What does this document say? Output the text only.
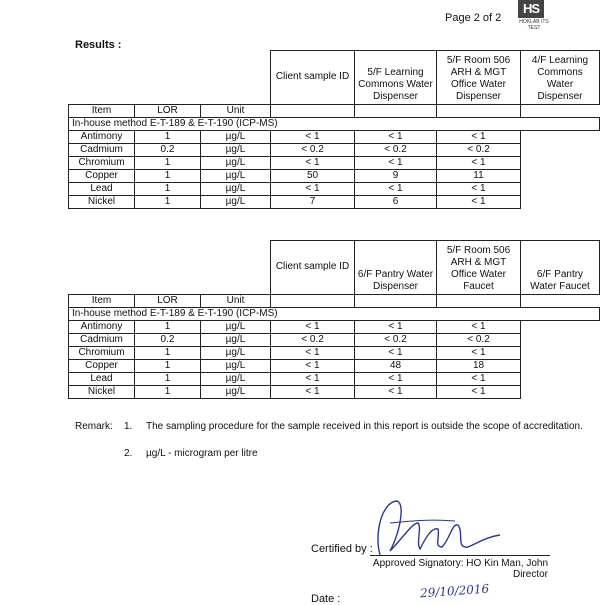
Page 2 of 2
HS
HOKLAB ITS TEST
Results :
			Client sample ID	5/F Learning Commons Water Dispenser	5/F Room 506 ARH & MGT Office Water Dispenser	4/F Learning Commons Water Dispenser
Item	LOR	Unit				
In-house method E-T-189 & E-T-190 (ICP-MS)						
Antimony	1	µg/L	< 1	< 1	< 1	
Cadmium	0.2	µg/L	< 0.2	< 0.2	< 0.2	
Chromium	1	µg/L	< 1	< 1	< 1	
Copper	1	µg/L	50	9	11	
Lead	1	µg/L	< 1	< 1	< 1	
Nickel	1	µg/L	7	6	< 1	
			Client sample ID	6/F Pantry Water Dispenser	5/F Room 506 ARH & MGT Office Water Faucet	6/F Pantry Water Faucet
Item	LOR	Unit				
In-house method E-T-189 & E-T-190 (ICP-MS)						
Antimony	1	µg/L	< 1	< 1	< 1	
Cadmium	0.2	µg/L	< 0.2	< 0.2	< 0.2	
Chromium	1	µg/L	< 1	< 1	< 1	
Copper	1	µg/L	< 1	48	18	
Lead	1	µg/L	< 1	< 1	< 1	
Nickel	1	µg/L	< 1	< 1	< 1	
Remark:	1. The sampling procedure for the sample received in this report is outside the scope of accreditation.
2. µg/L - microgram per litre
Certified by :
Approved Signatory: HO Kin Man, John
Director
Date :	29/10/2016
